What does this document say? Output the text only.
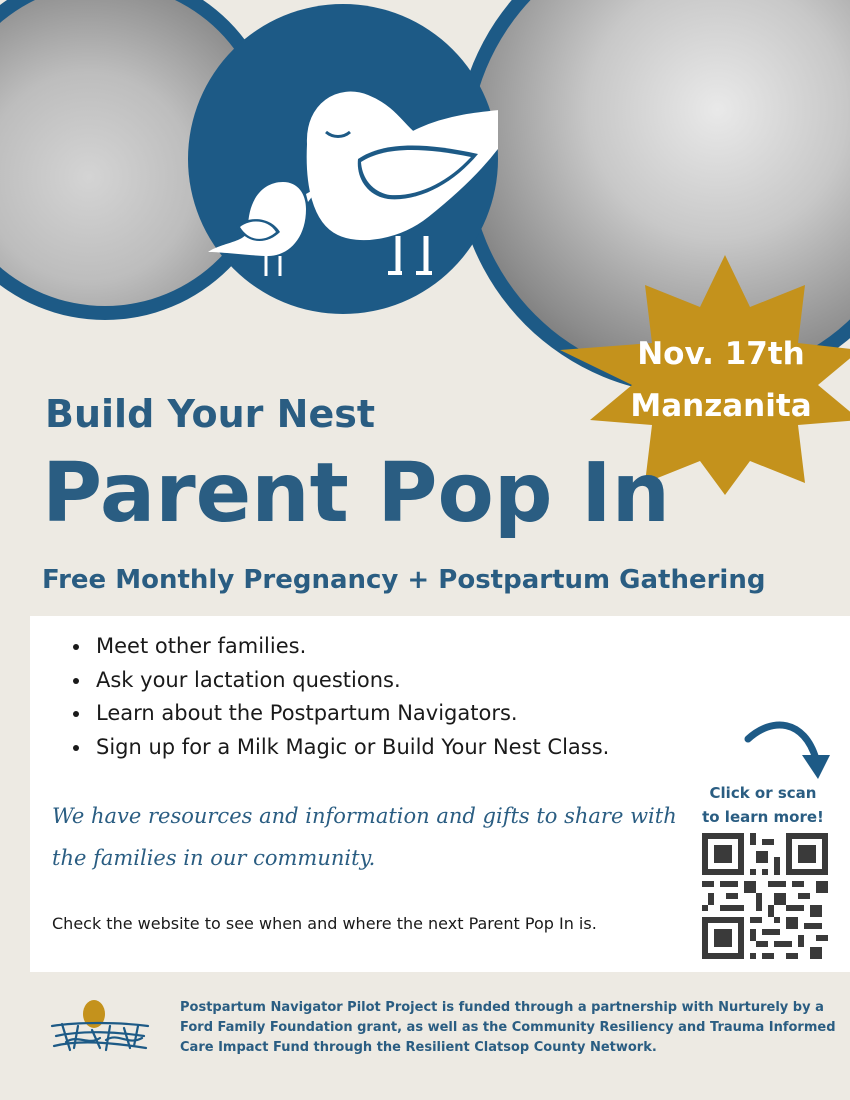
Nov. 17th
Manzanita
Build Your Nest
Parent Pop In
Free Monthly Pregnancy + Postpartum Gathering
• Meet other families.
• Ask your lactation questions.
• Learn about the Postpartum Navigators.
• Sign up for a Milk Magic or Build Your Nest Class.
We have resources and information and gifts to share with the families in our community.
Check the website to see when and where the next Parent Pop In is.
Click or scan
to learn more!
Postpartum Navigator Pilot Project is funded through a partnership with Nurturely by a Ford Family Foundation grant, as well as the Community Resiliency and Trauma Informed Care Impact Fund through the Resilient Clatsop County Network.
